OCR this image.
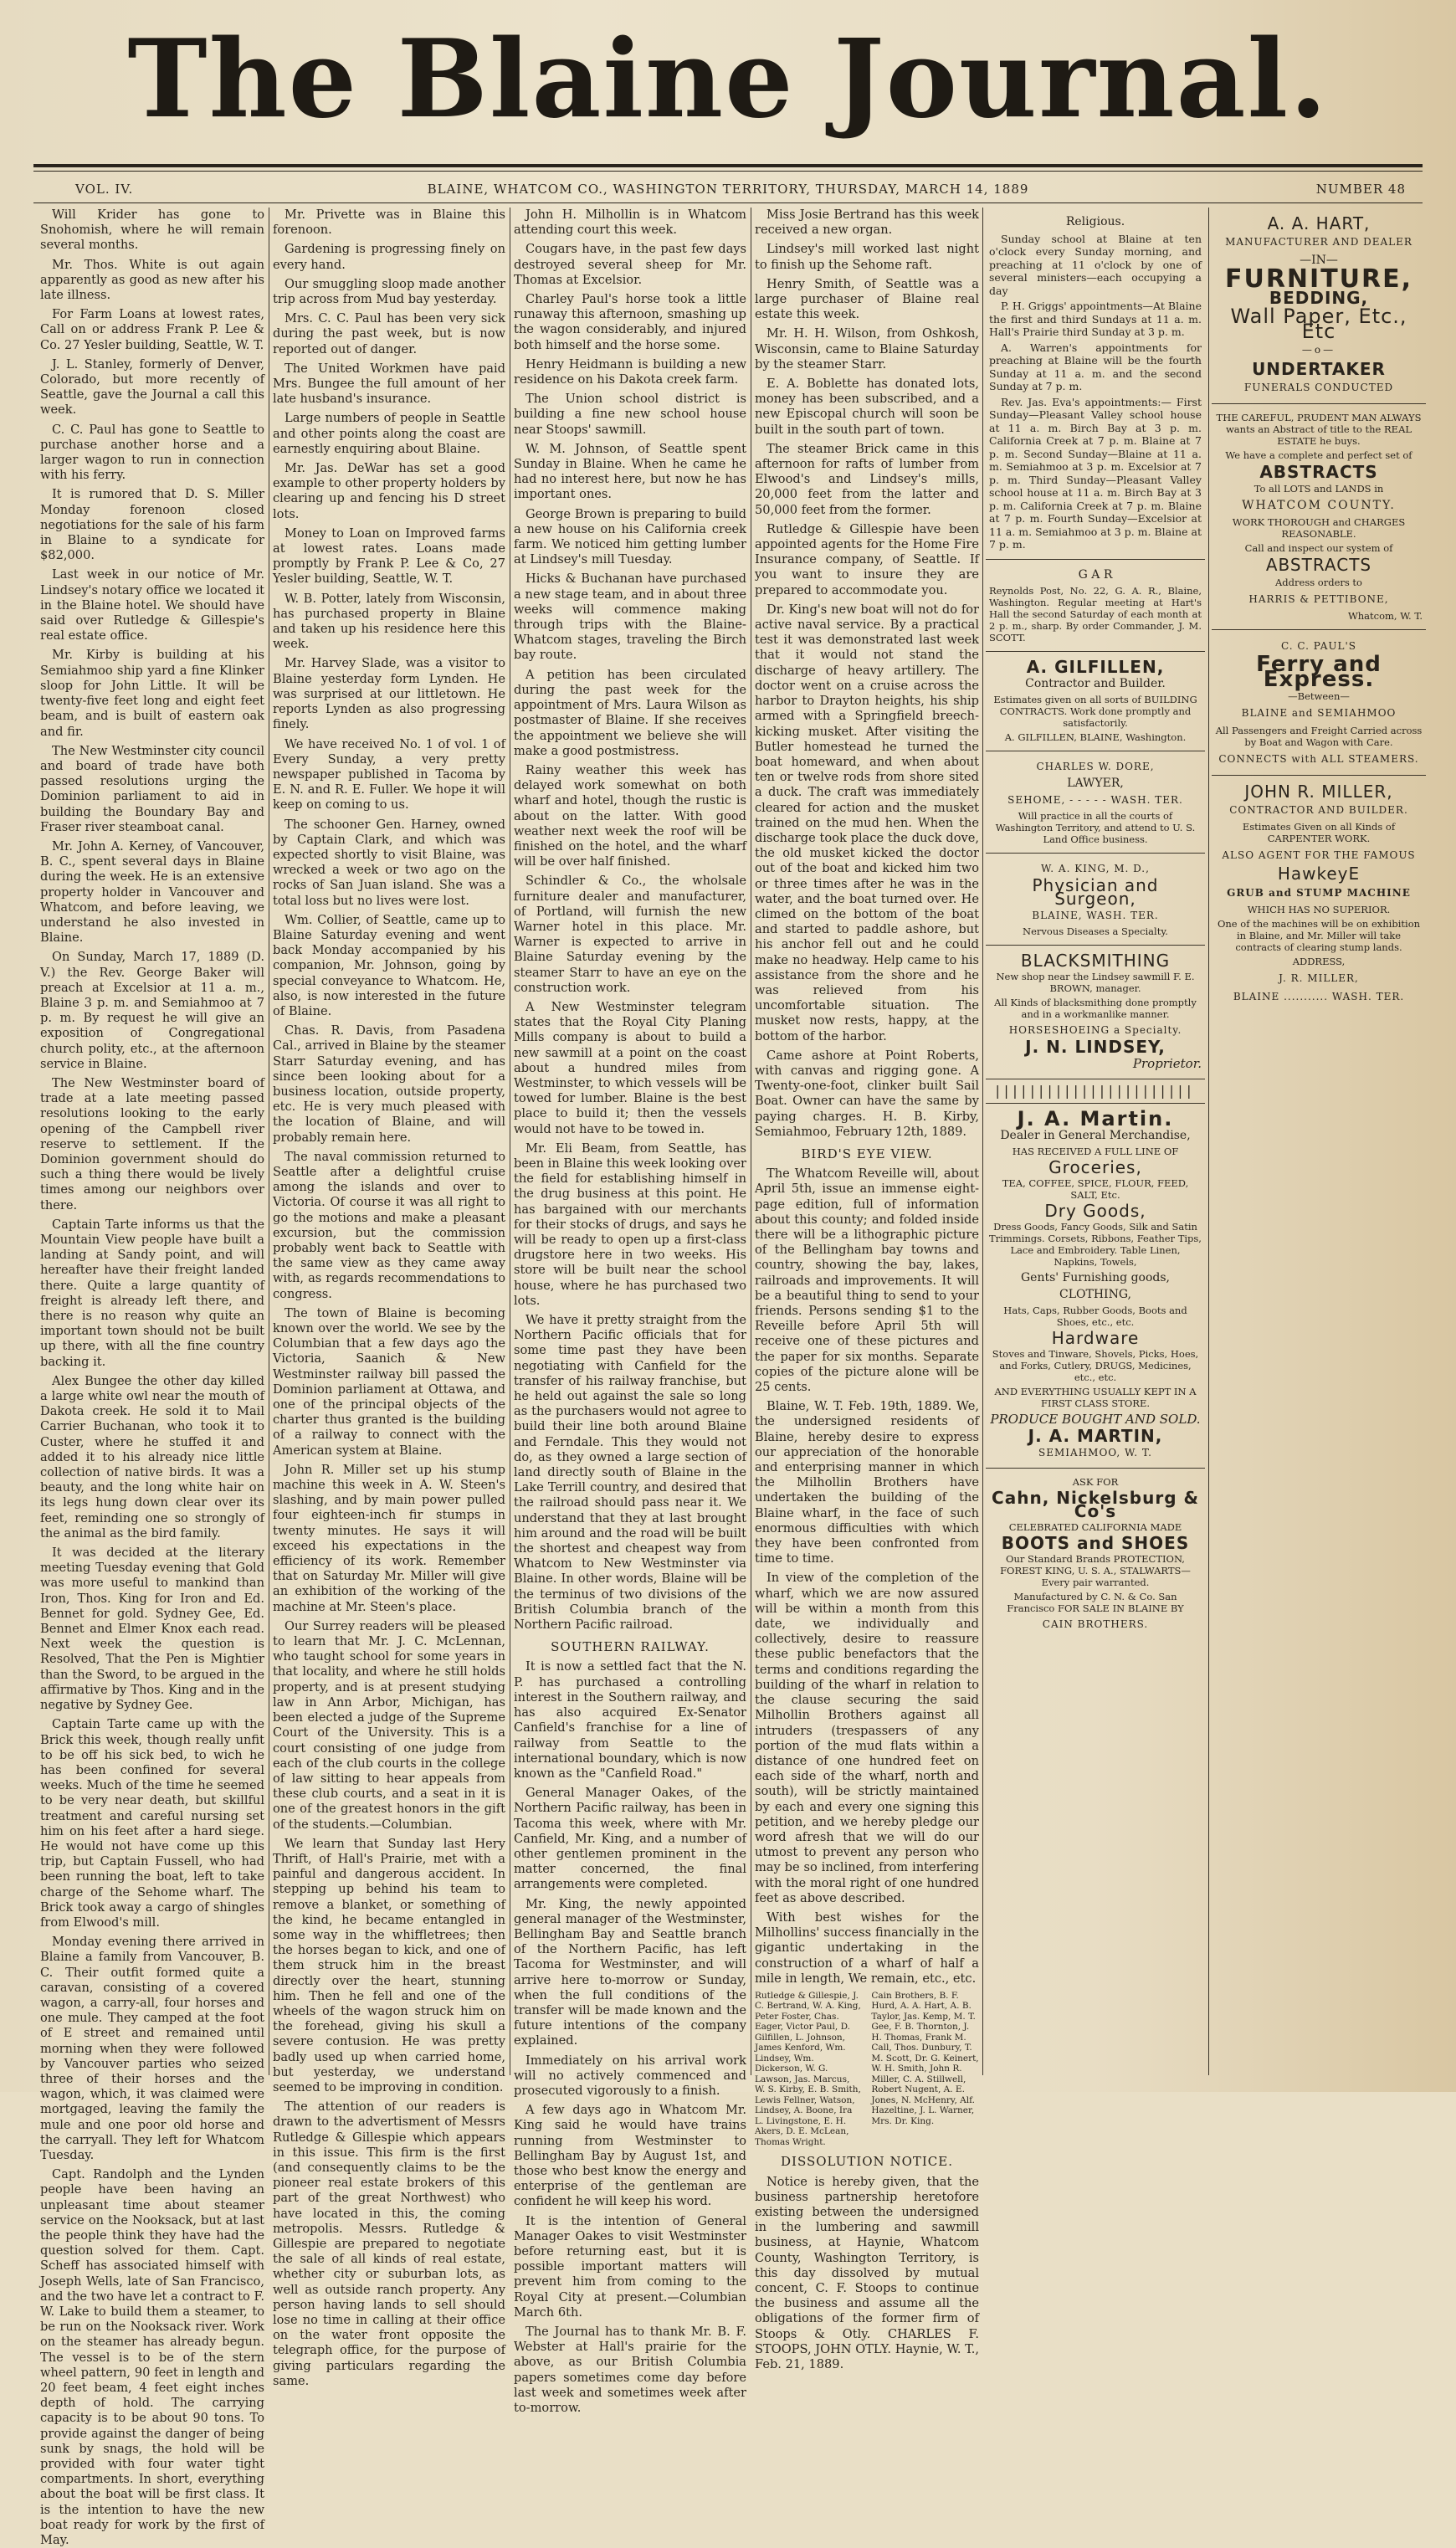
The Blaine Journal.
VOL. IV.	BLAINE, WHATCOM CO., WASHINGTON TERRITORY, THURSDAY, MARCH 14, 1889	NUMBER 48

Will Krider has gone to Snohomish, where he will remain several months.

Mr. Thos. White is out again apparently as good as new after his late illness.

For Farm Loans at lowest rates, Call on or address Frank P. Lee & Co. 27 Yesler building, Seattle, W. T.

J. L. Stanley, formerly of Denver, Colorado, but more recently of Seattle, gave the Journal a call this week.

C. C. Paul has gone to Seattle to purchase another horse and a larger wagon to run in connection with his ferry.

It is rumored that D. S. Miller Monday forenoon closed negotiations for the sale of his farm in Blaine to a syndicate for $82,000.

Last week in our notice of Mr. Lindsey's notary office we located it in the Blaine hotel. We should have said over Rutledge & Gillespie's real estate office.

Mr. Kirby is building at his Semiahmoo ship yard a fine Klinker sloop for John Little. It will be twenty-five feet long and eight feet beam, and is built of eastern oak and fir.

The New Westminster city council and board of trade have both passed resolutions urging the Dominion parliament to aid in building the Boundary Bay and Fraser river steamboat canal.

Mr. John A. Kerney, of Vancouver, B. C., spent several days in Blaine during the week. He is an extensive property holder in Vancouver and Whatcom, and before leaving, we understand he also invested in Blaine.

On Sunday, March 17, 1889 (D. V.) the Rev. George Baker will preach at Excelsior at 11 a. m., Blaine 3 p. m. and Semiahmoo at 7 p. m. By request he will give an exposition of Congregational church polity, etc., at the afternoon service in Blaine.

The New Westminster board of trade at a late meeting passed resolutions looking to the early opening of the Campbell river reserve to settlement. If the Dominion government should do such a thing there would be lively times among our neighbors over there.

Captain Tarte informs us that the Mountain View people have built a landing at Sandy point, and will hereafter have their freight landed there. Quite a large quantity of freight is already left there, and there is no reason why quite an important town should not be built up there, with all the fine country backing it.

Alex Bungee the other day killed a large white owl near the mouth of Dakota creek. He sold it to Mail Carrier Buchanan, who took it to Custer, where he stuffed it and added it to his already nice little collection of native birds. It was a beauty, and the long white hair on its legs hung down clear over its feet, reminding one so strongly of the animal as the bird family.

It was decided at the literary meeting Tuesday evening that Gold was more useful to mankind than Iron, Thos. King for Iron and Ed. Bennet for gold. Sydney Gee, Ed. Bennet and Elmer Knox each read. Next week the question is Resolved, That the Pen is Mightier than the Sword, to be argued in the affirmative by Thos. King and in the negative by Sydney Gee.

Captain Tarte came up with the Brick this week, though really unfit to be off his sick bed, to wich he has been confined for several weeks. Much of the time he seemed to be very near death, but skillful treatment and careful nursing set him on his feet after a hard siege. He would not have come up this trip, but Captain Fussell, who had been running the boat, left to take charge of the Sehome wharf. The Brick took away a cargo of shingles from Elwood's mill.

Monday evening there arrived in Blaine a family from Vancouver, B. C. Their outfit formed quite a caravan, consisting of a covered wagon, a carry-all, four horses and one mule. They camped at the foot of E street and remained until morning when they were followed by Vancouver parties who seized three of their horses and the wagon, which, it was claimed were mortgaged, leaving the family the mule and one poor old horse and the carryall. They left for Whatcom Tuesday.

Capt. Randolph and the Lynden people have been having an unpleasant time about steamer service on the Nooksack, but at last the people think they have had the question solved for them. Capt. Scheff has associated himself with Joseph Wells, late of San Francisco, and the two have let a contract to F. W. Lake to build them a steamer, to be run on the Nooksack river. Work on the steamer has already begun. The vessel is to be of the stern wheel pattern, 90 feet in length and 20 feet beam, 4 feet eight inches depth of hold. The carrying capacity is to be about 90 tons. To provide against the danger of being sunk by snags, the hold will be provided with four water tight compartments. In short, everything about the boat will be first class. It is the intention to have the new boat ready for work by the first of May.

Mr. Privette was in Blaine this forenoon.

Gardening is progressing finely on every hand.

Our smuggling sloop made another trip across from Mud bay yesterday.

Mrs. C. C. Paul has been very sick during the past week, but is now reported out of danger.

The United Workmen have paid Mrs. Bungee the full amount of her late husband's insurance.

Large numbers of people in Seattle and other points along the coast are earnestly enquiring about Blaine.

Mr. Jas. DeWar has set a good example to other property holders by clearing up and fencing his D street lots.

Money to Loan on Improved farms at lowest rates. Loans made promptly by Frank P. Lee & Co, 27 Yesler building, Seattle, W. T.

W. B. Potter, lately from Wisconsin, has purchased property in Blaine and taken up his residence here this week.

Mr. Harvey Slade, was a visitor to Blaine yesterday form Lynden. He was surprised at our littletown. He reports Lynden as also progressing finely.

We have received No. 1 of vol. 1 of Every Sunday, a very pretty newspaper published in Tacoma by E. N. and R. E. Fuller. We hope it will keep on coming to us.

The schooner Gen. Harney, owned by Captain Clark, and which was expected shortly to visit Blaine, was wrecked a week or two ago on the rocks of San Juan island. She was a total loss but no lives were lost.

Wm. Collier, of Seattle, came up to Blaine Saturday evening and went back Monday accompanied by his companion, Mr. Johnson, going by special conveyance to Whatcom. He, also, is now interested in the future of Blaine.

Chas. R. Davis, from Pasadena Cal., arrived in Blaine by the steamer Starr Saturday evening, and has since been looking about for a business location, outside property, etc. He is very much pleased with the location of Blaine, and will probably remain here.

The naval commission returned to Seattle after a delightful cruise among the islands and over to Victoria. Of course it was all right to go the motions and make a pleasant excursion, but the commission probably went back to Seattle with the same view as they came away with, as regards recommendations to congress.

The town of Blaine is becoming known over the world. We see by the Columbian that a few days ago the Victoria, Saanich & New Westminster railway bill passed the Dominion parliament at Ottawa, and one of the principal objects of the charter thus granted is the building of a railway to connect with the American system at Blaine.

John R. Miller set up his stump machine this week in A. W. Steen's slashing, and by main power pulled four eighteen-inch fir stumps in twenty minutes. He says it will exceed his expectations in the efficiency of its work. Remember that on Saturday Mr. Miller will give an exhibition of the working of the machine at Mr. Steen's place.

Our Surrey readers will be pleased to learn that Mr. J. C. McLennan, who taught school for some years in that locality, and where he still holds property, and is at present studying law in Ann Arbor, Michigan, has been elected a judge of the Supreme Court of the University. This is a court consisting of one judge from each of the club courts in the college of law sitting to hear appeals from these club courts, and a seat in it is one of the greatest honors in the gift of the students.—Columbian.

We learn that Sunday last Hery Thrift, of Hall's Prairie, met with a painful and dangerous accident. In stepping up behind his team to remove a blanket, or something of the kind, he became entangled in some way in the whiffletrees; then the horses began to kick, and one of them struck him in the breast directly over the heart, stunning him. Then he fell and one of the wheels of the wagon struck him on the forehead, giving his skull a severe contusion. He was pretty badly used up when carried home, but yesterday, we understand seemed to be improving in condition.

The attention of our readers is drawn to the advertisment of Messrs Rutledge & Gillespie which appears in this issue. This firm is the first (and consequently claims to be the pioneer real estate brokers of this part of the great Northwest) who have located in this, the coming metropolis. Messrs. Rutledge & Gillespie are prepared to negotiate the sale of all kinds of real estate, whether city or suburban lots, as well as outside ranch property. Any person having lands to sell should lose no time in calling at their office on the water front opposite the telegraph office, for the purpose of giving particulars regarding the same.

John H. Milhollin is in Whatcom attending court this week.

Cougars have, in the past few days destroyed several sheep for Mr. Thomas at Excelsior.

Charley Paul's horse took a little runaway this afternoon, smashing up the wagon considerably, and injured both himself and the horse some.

Henry Heidmann is building a new residence on his Dakota creek farm.

The Union school district is building a fine new school house near Stoops' sawmill.

W. M. Johnson, of Seattle spent Sunday in Blaine. When he came he had no interest here, but now he has important ones.

George Brown is preparing to build a new house on his California creek farm. We noticed him getting lumber at Lindsey's mill Tuesday.

Hicks & Buchanan have purchased a new stage team, and in about three weeks will commence making through trips with the Blaine-Whatcom stages, traveling the Birch bay route.

A petition has been circulated during the past week for the appointment of Mrs. Laura Wilson as postmaster of Blaine. If she receives the appointment we believe she will make a good postmistress.

Rainy weather this week has delayed work somewhat on both wharf and hotel, though the rustic is about on the latter. With good weather next week the roof will be finished on the hotel, and the wharf will be over half finished.

Schindler & Co., the wholsale furniture dealer and manufacturer, of Portland, will furnish the new Warner hotel in this place. Mr. Warner is expected to arrive in Blaine Saturday evening by the steamer Starr to have an eye on the construction work.

A New Westminster telegram states that the Royal City Planing Mills company is about to build a new sawmill at a point on the coast about a hundred miles from Westminster, to which vessels will be towed for lumber. Blaine is the best place to build it; then the vessels would not have to be towed in.

Mr. Eli Beam, from Seattle, has been in Blaine this week looking over the field for establishing himself in the drug business at this point. He has bargained with our merchants for their stocks of drugs, and says he will be ready to open up a first-class drugstore here in two weeks. His store will be built near the school house, where he has purchased two lots.

We have it pretty straight from the Northern Pacific officials that for some time past they have been negotiating with Canfield for the transfer of his railway franchise, but he held out against the sale so long as the purchasers would not agree to build their line both around Blaine and Ferndale. This they would not do, as they owned a large section of land directly south of Blaine in the Lake Terrill country, and desired that the railroad should pass near it. We understand that they at last brought him around and the road will be built the shortest and cheapest way from Whatcom to New Westminster via Blaine. In other words, Blaine will be the terminus of two divisions of the British Columbia branch of the Northern Pacific railroad.

SOUTHERN RAILWAY.

It is now a settled fact that the N. P. has purchased a controlling interest in the Southern railway, and has also acquired Ex-Senator Canfield's franchise for a line of railway from Seattle to the international boundary, which is now known as the "Canfield Road."

General Manager Oakes, of the Northern Pacific railway, has been in Tacoma this week, where with Mr. Canfield, Mr. King, and a number of other gentlemen prominent in the matter concerned, the final arrangements were completed.

Mr. King, the newly appointed general manager of the Westminster, Bellingham Bay and Seattle branch of the Northern Pacific, has left Tacoma for Westminster, and will arrive here to-morrow or Sunday, when the full conditions of the transfer will be made known and the future intentions of the company explained.

Immediately on his arrival work will no actively commenced and prosecuted vigorously to a finish.

A few days ago in Whatcom Mr. King said he would have trains running from Westminster to Bellingham Bay by August 1st, and those who best know the energy and enterprise of the gentleman are confident he will keep his word.

It is the intention of General Manager Oakes to visit Westminster before returning east, but it is possible important matters will prevent him from coming to the Royal City at present.—Columbian March 6th.

The Journal has to thank Mr. B. F. Webster at Hall's prairie for the above, as our British Columbia papers sometimes come day before last week and sometimes week after to-morrow.

Miss Josie Bertrand has this week received a new organ.

Lindsey's mill worked last night to finish up the Sehome raft.

Henry Smith, of Seattle was a large purchaser of Blaine real estate this week.

Mr. H. H. Wilson, from Oshkosh, Wisconsin, came to Blaine Saturday by the steamer Starr.

E. A. Boblette has donated lots, money has been subscribed, and a new Episcopal church will soon be built in the south part of town.

The steamer Brick came in this afternoon for rafts of lumber from Elwood's and Lindsey's mills, 20,000 feet from the latter and 50,000 feet from the former.

Rutledge & Gillespie have been appointed agents for the Home Fire Insurance company, of Seattle. If you want to insure they are prepared to accommodate you.

Dr. King's new boat will not do for active naval service. By a practical test it was demonstrated last week that it would not stand the discharge of heavy artillery. The doctor went on a cruise across the harbor to Drayton heights, his ship armed with a Springfield breech-kicking musket. After visiting the Butler homestead he turned the boat homeward, and when about ten or twelve rods from shore sited a duck. The craft was immediately cleared for action and the musket trained on the mud hen. When the discharge took place the duck dove, the old musket kicked the doctor out of the boat and kicked him two or three times after he was in the water, and the boat turned over. He climed on the bottom of the boat and started to paddle ashore, but his anchor fell out and he could make no headway. Help came to his assistance from the shore and he was relieved from his uncomfortable situation. The musket now rests, happy, at the bottom of the harbor.

Came ashore at Point Roberts, with canvas and rigging gone. A Twenty-one-foot, clinker built Sail Boat. Owner can have the same by paying charges. H. B. Kirby, Semiahmoo, February 12th, 1889.

BIRD'S EYE VIEW.

The Whatcom Reveille will, about April 5th, issue an immense eight-page edition, full of information about this county; and folded inside there will be a lithographic picture of the Bellingham bay towns and country, showing the bay, lakes, railroads and improvements. It will be a beautiful thing to send to your friends. Persons sending $1 to the Reveille before April 5th will receive one of these pictures and the paper for six months. Separate copies of the picture alone will be 25 cents.

Blaine, W. T. Feb. 19th, 1889. We, the undersigned residents of Blaine, hereby desire to express our appreciation of the honorable and enterprising manner in which the Milhollin Brothers have undertaken the building of the Blaine wharf, in the face of such enormous difficulties with which they have been confronted from time to time.

In view of the completion of the wharf, which we are now assured will be within a month from this date, we individually and collectively, desire to reassure these public benefactors that the terms and conditions regarding the building of the wharf in relation to the clause securing the said Milhollin Brothers against all intruders (trespassers of any portion of the mud flats within a distance of one hundred feet on each side of the wharf, north and south), will be strictly maintained by each and every one signing this petition, and we hereby pledge our word afresh that we will do our utmost to prevent any person who may be so inclined, from interfering with the moral right of one hundred feet as above described.

With best wishes for the Milhollins' success financially in the gigantic undertaking in the construction of a wharf of half a mile in length, We remain, etc., etc.

Rutledge & Gillespie, J. C. Bertrand, W. A. King, Peter Foster, Chas. Eager, Victor Paul, D. Gilfillen, L. Johnson, James Kenford, Wm. Lindsey, Wm. Dickerson, W. G. Lawson, Jas. Marcus, W. S. Kirby, E. B. Smith, Lewis Fellner, Watson, Lindsey, A. Boone, Ira L. Livingstone, E. H. Akers, D. E. McLean, Thomas Wright.
Cain Brothers, B. F. Hurd, A. A. Hart, A. B. Taylor, Jas. Kemp, M. T. Gee, F. B. Thornton, J. H. Thomas, Frank M. Call, Thos. Dunbury, T. M. Scott, Dr. G. Keinert, W. H. Smith, John R. Miller, C. A. Stillwell, Robert Nugent, A. E. Jones, N. McHenry, Alf. Hazeltine, J. L. Warner, Mrs. Dr. King.
DISSOLUTION NOTICE.

Notice is hereby given, that the business partnership heretofore existing between the undersigned in the lumbering and sawmill business, at Haynie, Whatcom County, Washington Territory, is this day dissolved by mutual concent, C. F. Stoops to continue the business and assume all the obligations of the former firm of Stoops & Otly. CHARLES F. STOOPS, JOHN OTLY. Haynie, W. T., Feb. 21, 1889.

Religious.

Sunday school at Blaine at ten o'clock every Sunday morning, and preaching at 11 o'clock by one of several ministers—each occupying a day

P. H. Griggs' appointments—At Blaine the first and third Sundays at 11 a. m. Hall's Prairie third Sunday at 3 p. m.

A. Warren's appointments for preaching at Blaine will be the fourth Sunday at 11 a. m. and the second Sunday at 7 p. m.

Rev. Jas. Eva's appointments:— First Sunday—Pleasant Valley school house at 11 a. m. Birch Bay at 3 p. m. California Creek at 7 p. m. Blaine at 7 p. m. Second Sunday—Blaine at 11 a. m. Semiahmoo at 3 p. m. Excelsior at 7 p. m. Third Sunday—Pleasant Valley school house at 11 a. m. Birch Bay at 3 p. m. California Creek at 7 p. m. Blaine at 7 p. m. Fourth Sunday—Excelsior at 11 a. m. Semiahmoo at 3 p. m. Blaine at 7 p. m.

G A R
Reynolds Post, No. 22, G. A. R., Blaine, Washington. Regular meeting at Hart's Hall the second Saturday of each month at 2 p. m., sharp. By order Commander, J. M. SCOTT.
A. GILFILLEN,
Contractor and Builder.
Estimates given on all sorts of BUILDING CONTRACTS. Work done promptly and satisfactorily.
A. GILFILLEN, BLAINE, Washington.
CHARLES W. DORE,
LAWYER,
SEHOME, - - - - - WASH. TER.
Will practice in all the courts of Washington Territory, and attend to U. S. Land Office business.
W. A. KING, M. D.,
Physician and Surgeon,
BLAINE, WASH. TER.
Nervous Diseases a Specialty.
BLACKSMITHING
New shop near the Lindsey sawmill F. E. BROWN, manager.
All Kinds of blacksmithing done promptly and in a workmanlike manner.
HORSESHOEING a Specialty.
J. N. LINDSEY,
Proprietor.
|||||||||||||||||||||||
J. A. Martin.
Dealer in General Merchandise,
HAS RECEIVED A FULL LINE OF
Groceries,
TEA, COFFEE, SPICE, FLOUR, FEED, SALT, Etc.
Dry Goods,
Dress Goods, Fancy Goods, Silk and Satin Trimmings. Corsets, Ribbons, Feather Tips, Lace and Embroidery. Table Linen, Napkins, Towels,
Gents' Furnishing goods,
CLOTHING,
Hats, Caps, Rubber Goods, Boots and Shoes, etc., etc.
Hardware
Stoves and Tinware, Shovels, Picks, Hoes, and Forks, Cutlery, DRUGS, Medicines, etc., etc.
AND EVERYTHING USUALLY KEPT IN A FIRST CLASS STORE.
PRODUCE BOUGHT AND SOLD.
J. A. MARTIN,
SEMIAHMOO, W. T.
ASK FOR
Cahn, Nickelsburg & Co's
CELEBRATED CALIFORNIA MADE
BOOTS and SHOES
Our Standard Brands PROTECTION, FOREST KING, U. S. A., STALWARTS—Every pair warranted.
Manufactured by C. N. & Co. San Francisco FOR SALE IN BLAINE BY
CAIN BROTHERS.
A. A. HART,
MANUFACTURER AND DEALER
—IN—
FURNITURE,
BEDDING,
Wall Paper, Etc., Etc
—o—
UNDERTAKER
FUNERALS CONDUCTED
THE CAREFUL, PRUDENT MAN ALWAYS wants an Abstract of title to the REAL ESTATE he buys.
We have a complete and perfect set of
ABSTRACTS
To all LOTS and LANDS in
WHATCOM COUNTY.
WORK THOROUGH and CHARGES REASONABLE.
Call and inspect our system of
ABSTRACTS
Address orders to
HARRIS & PETTIBONE,
Whatcom, W. T.
C. C. PAUL'S
Ferry and Express.
—Between—
BLAINE and SEMIAHMOO
All Passengers and Freight Carried across by Boat and Wagon with Care.
CONNECTS with ALL STEAMERS.
JOHN R. MILLER,
CONTRACTOR AND BUILDER.
Estimates Given on all Kinds of CARPENTER WORK.
ALSO AGENT FOR THE FAMOUS
HawkeyE
GRUB and STUMP MACHINE
WHICH HAS NO SUPERIOR.
One of the machines will be on exhibition in Blaine, and Mr. Miller will take contracts of clearing stump lands.
ADDRESS,
J. R. MILLER,
BLAINE ........... WASH. TER.
